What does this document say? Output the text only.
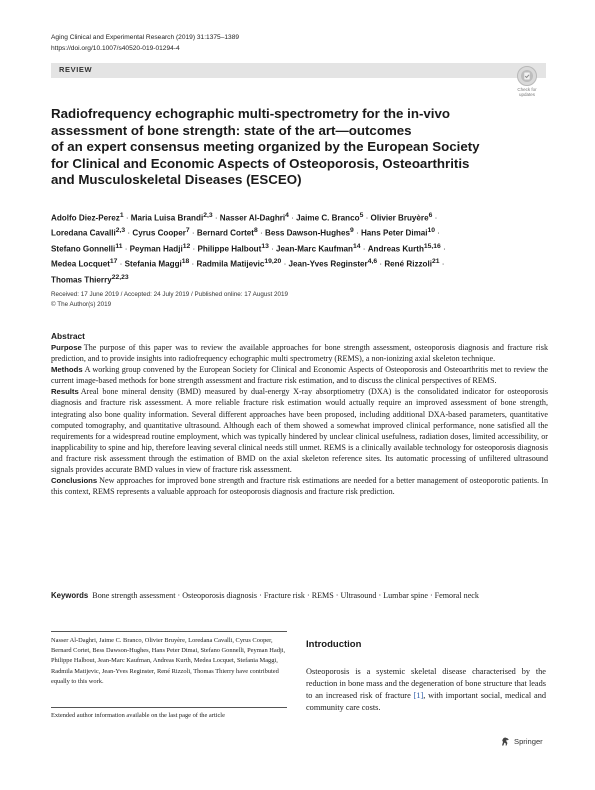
Aging Clinical and Experimental Research (2019) 31:1375–1389
https://doi.org/10.1007/s40520-019-01294-4
REVIEW
Check for
updates
Radiofrequency echographic multi-spectrometry for the in-vivo
assessment of bone strength: state of the art—outcomes
of an expert consensus meeting organized by the European Society
for Clinical and Economic Aspects of Osteoporosis, Osteoarthritis
and Musculoskeletal Diseases (ESCEO)
Adolfo Diez-Perez$^1$ · Maria Luisa Brandi$^{2,3}$ · Nasser Al-Daghri$^4$ · Jaime C. Branco$^5$ · Olivier Bruyère$^6$ ·
Loredana Cavalli$^{2,3}$ · Cyrus Cooper$^7$ · Bernard Cortet$^8$ · Bess Dawson-Hughes$^9$ · Hans Peter Dimai$^{10}$ ·
Stefano Gonnelli$^{11}$ · Peyman Hadji$^{12}$ · Philippe Halbout$^{13}$ · Jean-Marc Kaufman$^{14}$ · Andreas Kurth$^{15,16}$ ·
Medea Locquet$^{17}$ · Stefania Maggi$^{18}$ · Radmila Matijevic$^{19,20}$ · Jean-Yves Reginster$^{4,6}$ · René Rizzoli$^{21}$ ·
Thomas Thierry$^{22,23}$
Received: 17 June 2019 / Accepted: 24 July 2019 / Published online: 17 August 2019
© The Author(s) 2019
Abstract

Purpose The purpose of this paper was to review the available approaches for bone strength assessment, osteoporosis diagnosis and fracture risk prediction, and to provide insights into radiofrequency echographic multi spectrometry (REMS), a non-ionizing axial skeleton technique.

Methods A working group convened by the European Society for Clinical and Economic Aspects of Osteoporosis and Osteoarthritis met to review the current image-based methods for bone strength assessment and fracture risk estimation, and to discuss the clinical perspectives of REMS.

Results Areal bone mineral density (BMD) measured by dual-energy X-ray absorptiometry (DXA) is the consolidated indicator for osteoporosis diagnosis and fracture risk assessment. A more reliable fracture risk estimation would actually require an improved assessment of bone strength, integrating also bone quality information. Several different approaches have been proposed, including additional DXA-based parameters, quantitative computed tomography, and quantitative ultrasound. Although each of them showed a somewhat improved clinical performance, none satisfied all the requirements for a widespread routine employment, which was typically hindered by unclear clinical usefulness, radiation doses, limited accessibility, or inapplicability to spine and hip, therefore leaving several clinical needs still unmet. REMS is a clinically available technology for osteoporosis diagnosis and fracture risk assessment through the estimation of BMD on the axial skeleton reference sites. Its automatic processing of unfiltered ultrasound signals provides accurate BMD values in view of fracture risk assessment.

Conclusions New approaches for improved bone strength and fracture risk estimations are needed for a better management of osteoporotic patients. In this context, REMS represents a valuable approach for osteoporosis diagnosis and fracture risk prediction.

Keywords Bone strength assessment · Osteoporosis diagnosis · Fracture risk · REMS · Ultrasound · Lumbar spine · Femoral neck
Nasser Al-Daghri, Jaime C. Branco, Olivier Bruyère, Loredana Cavalli, Cyrus Cooper, Bernard Cortet, Bess Dawson-Hughes, Hans Peter Dimai, Stefano Gonnelli, Peyman Hadji, Philippe Halbout, Jean-Marc Kaufman, Andreas Kurth, Medea Locquet, Stefania Maggi, Radmila Matijevic, Jean-Yves Reginster, René Rizzoli, Thomas Thierry have contributed equally to this work.
Extended author information available on the last page of the article
Introduction
Osteoporosis is a systemic skeletal disease characterised by the reduction in bone mass and the degeneration of bone structure that leads to an increased risk of fracture [1], with important social, medical and community care costs.
Springer
